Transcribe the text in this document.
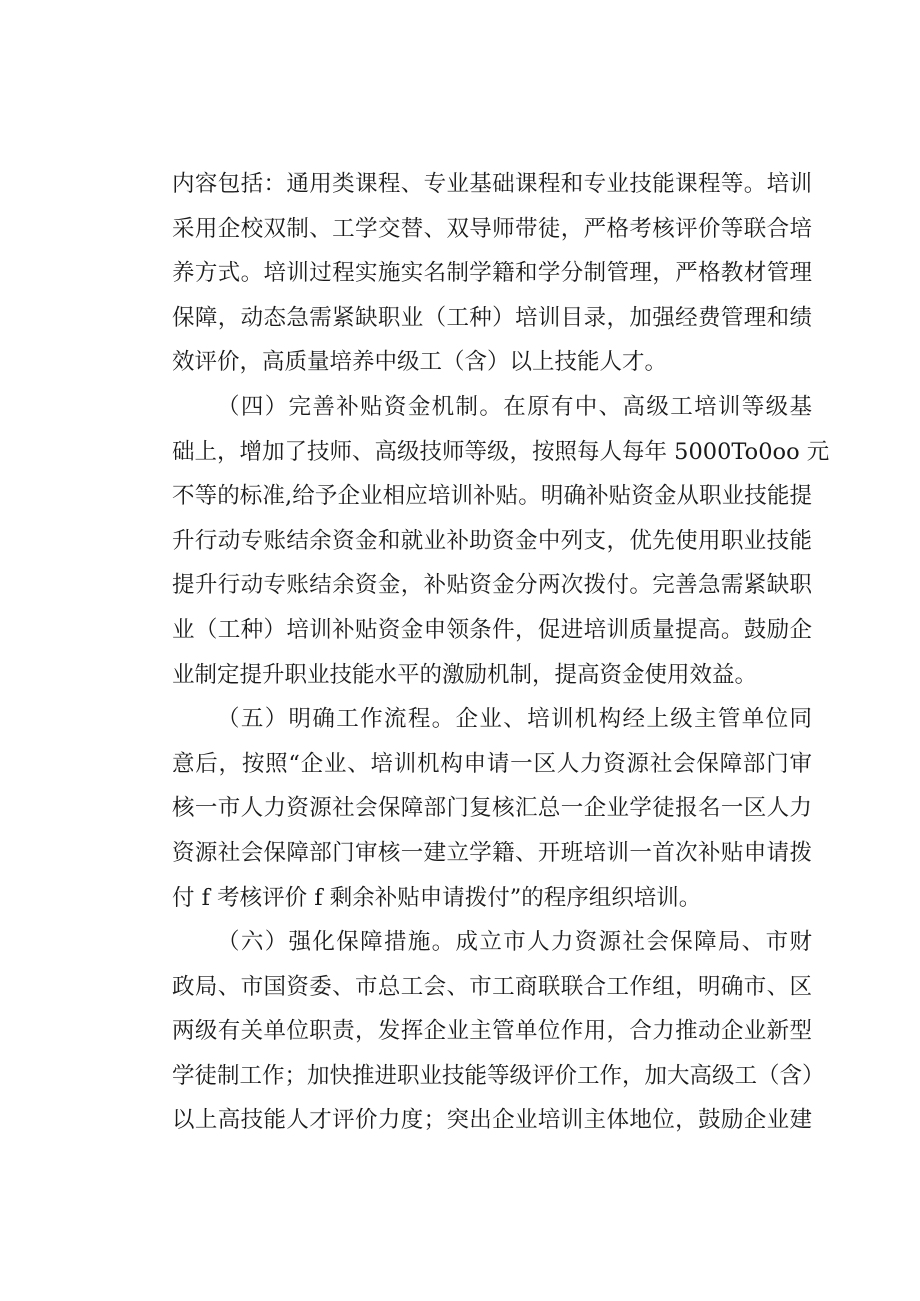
内容包括：通用类课程、专业基础课程和专业技能课程等。培训
采用企校双制、工学交替、双导师带徒，严格考核评价等联合培
养方式。培训过程实施实名制学籍和学分制管理，严格教材管理
保障，动态急需紧缺职业（工种）培训目录，加强经费管理和绩
效评价，高质量培养中级工（含）以上技能人才。
（四）完善补贴资金机制。在原有中、高级工培训等级基
础上，增加了技师、高级技师等级，按照每人每年 5000To0oo 元
不等的标准,给予企业相应培训补贴。明确补贴资金从职业技能提
升行动专账结余资金和就业补助资金中列支，优先使用职业技能
提升行动专账结余资金，补贴资金分两次拨付。完善急需紧缺职
业（工种）培训补贴资金申领条件，促进培训质量提高。鼓励企
业制定提升职业技能水平的激励机制，提高资金使用效益。
（五）明确工作流程。企业、培训机构经上级主管单位同
意后，按照“企业、培训机构申请一区人力资源社会保障部门审
核一市人力资源社会保障部门复核汇总一企业学徒报名一区人力
资源社会保障部门审核一建立学籍、开班培训一首次补贴申请拨
付 f 考核评价 f 剩余补贴申请拨付”的程序组织培训。
（六）强化保障措施。成立市人力资源社会保障局、市财
政局、市国资委、市总工会、市工商联联合工作组，明确市、区
两级有关单位职责，发挥企业主管单位作用，合力推动企业新型
学徒制工作；加快推进职业技能等级评价工作，加大高级工（含）
以上高技能人才评价力度；突出企业培训主体地位，鼓励企业建
